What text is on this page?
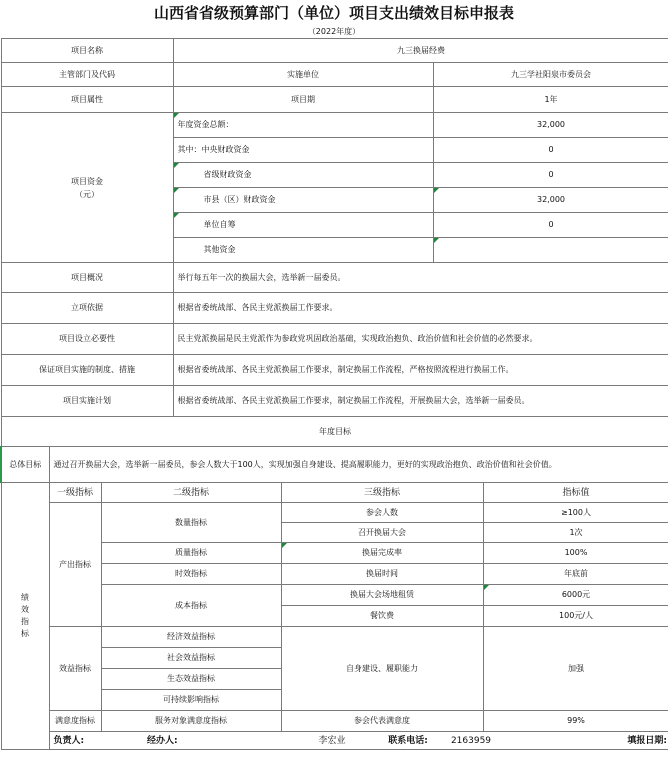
山西省省级预算部门（单位）项目支出绩效目标申报表
（2022年度）
项目名称				九三换届经费						
主管部门及代码				实施单位			九三学社阳泉市委员会			
项目属性				项目期			1年			
项目资金
（元）				年度资金总额：			32,000			
				其中：中央财政资金			0			
				省级财政资金			0			
				市县（区）财政资金			32,000			
				单位自筹			0			
				其他资金						
项目概况				举行每五年一次的换届大会，选举新一届委员。						
立项依据				根据省委统战部、各民主党派换届工作要求。						
项目设立必要性				民主党派换届是民主党派作为参政党巩固政治基础，实现政治抱负、政治价值和社会价值的必然要求。						
保证项目实施的制度、措施				根据省委统战部、各民主党派换届工作要求，制定换届工作流程，严格按照流程进行换届工作。						
项目实施计划				根据省委统战部、各民主党派换届工作要求，制定换届工作流程，开展换届大会，选举新一届委员。						
年度目标										
总体目标	通过召开换届大会，选举新一届委员，参会人数大于100人，实现加强自身建设、提高履职能力，更好的实现政治抱负、政治价值和社会价值。									
绩
效
指
标	一级指标	二级指标			三级指标			指标值		
	产出指标	数量指标			参会人数			≥100人		
					召开换届大会			1次		
		质量指标			换届完成率			100%		
		时效指标			换届时间			年底前		
		成本指标			换届大会场地租赁			6000元		
					餐饮费			100元/人		
	效益指标	经济效益指标			自身建设、履职能力			加强		
		社会效益指标								
		生态效益指标								
		可持续影响指标								
	满意度指标	服务对象满意度指标			参会代表满意度			99%		
	负责人:		经办人:		李宏业	联系电话:	2163959		填报日期:	
